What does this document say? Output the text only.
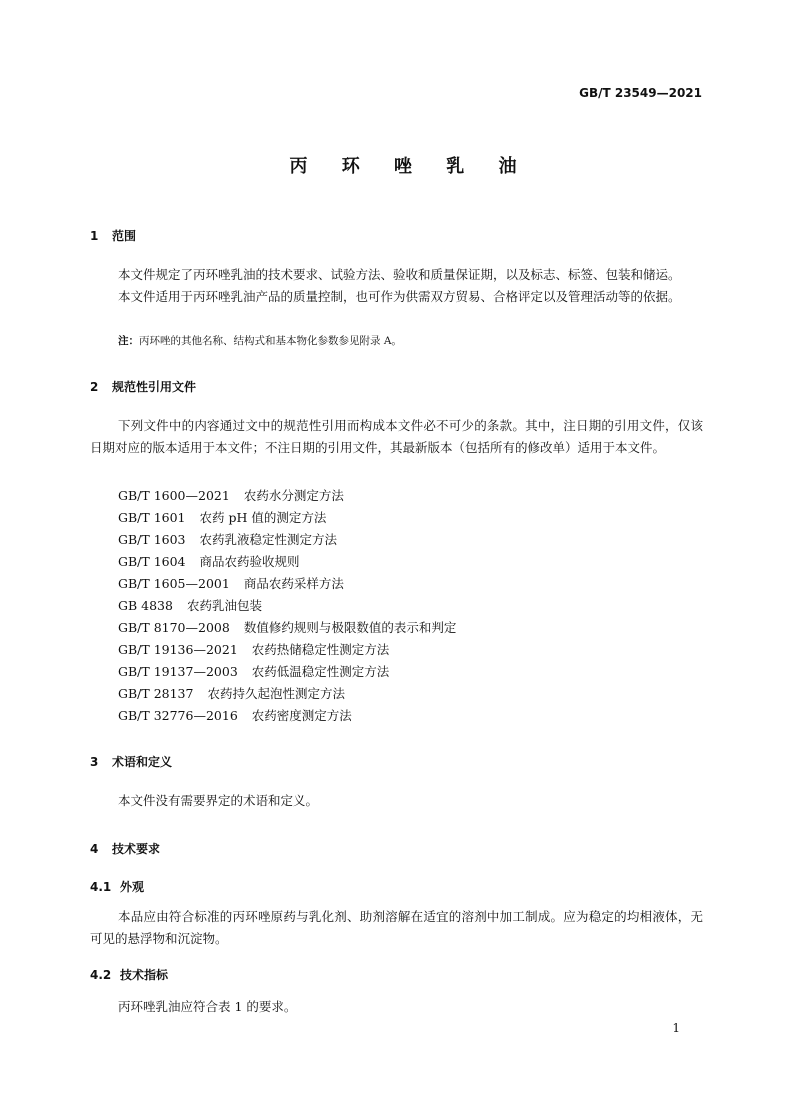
GB/T 23549—2021
丙 环 唑 乳 油
1 范围
本文件规定了丙环唑乳油的技术要求、试验方法、验收和质量保证期，以及标志、标签、包装和储运。
本文件适用于丙环唑乳油产品的质量控制，也可作为供需双方贸易、合格评定以及管理活动等的依据。
注：丙环唑的其他名称、结构式和基本物化参数参见附录 A。
2 规范性引用文件
下列文件中的内容通过文中的规范性引用而构成本文件必不可少的条款。其中，注日期的引用文件，仅该日期对应的版本适用于本文件；不注日期的引用文件，其最新版本（包括所有的修改单）适用于本文件。
GB/T 1600—2021 农药水分测定方法
GB/T 1601 农药 pH 值的测定方法
GB/T 1603 农药乳液稳定性测定方法
GB/T 1604 商品农药验收规则
GB/T 1605—2001 商品农药采样方法
GB 4838 农药乳油包装
GB/T 8170—2008 数值修约规则与极限数值的表示和判定
GB/T 19136—2021 农药热储稳定性测定方法
GB/T 19137—2003 农药低温稳定性测定方法
GB/T 28137 农药持久起泡性测定方法
GB/T 32776—2016 农药密度测定方法
3 术语和定义
本文件没有需要界定的术语和定义。
4 技术要求
4.1 外观
本品应由符合标准的丙环唑原药与乳化剂、助剂溶解在适宜的溶剂中加工制成。应为稳定的均相液体，无可见的悬浮物和沉淀物。
4.2 技术指标
丙环唑乳油应符合表 1 的要求。
1
